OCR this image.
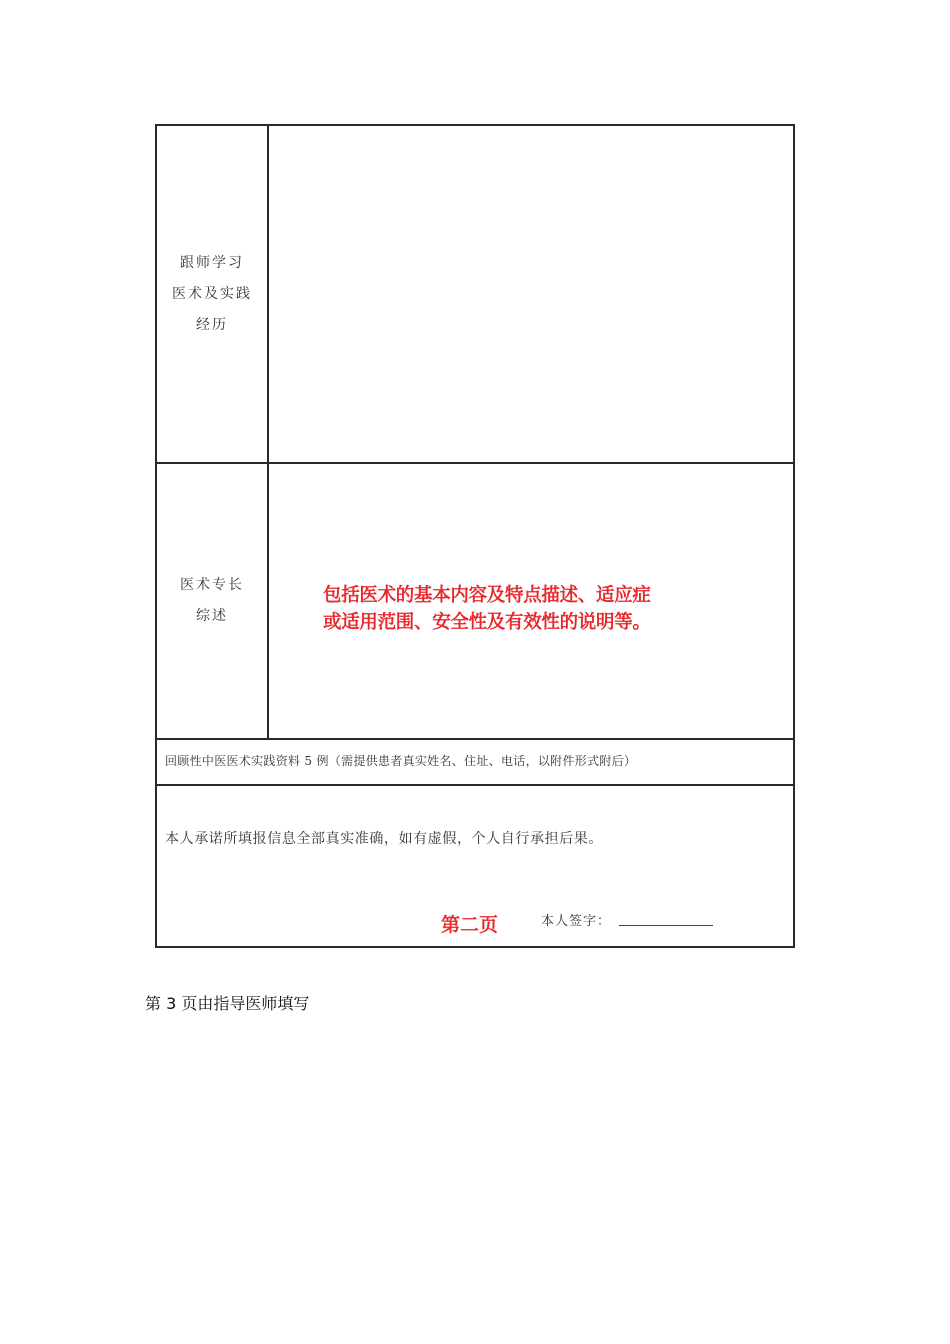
跟师学习
医术及实践
经历
医术专长
综述
包括医术的基本内容及特点描述、适应症
或适用范围、安全性及有效性的说明等。
回顾性中医医术实践资料 5 例（需提供患者真实姓名、住址、电话，以附件形式附后）
本人承诺所填报信息全部真实准确，如有虚假，个人自行承担后果。
第二页	本人签字：
第 3 页由指导医师填写
